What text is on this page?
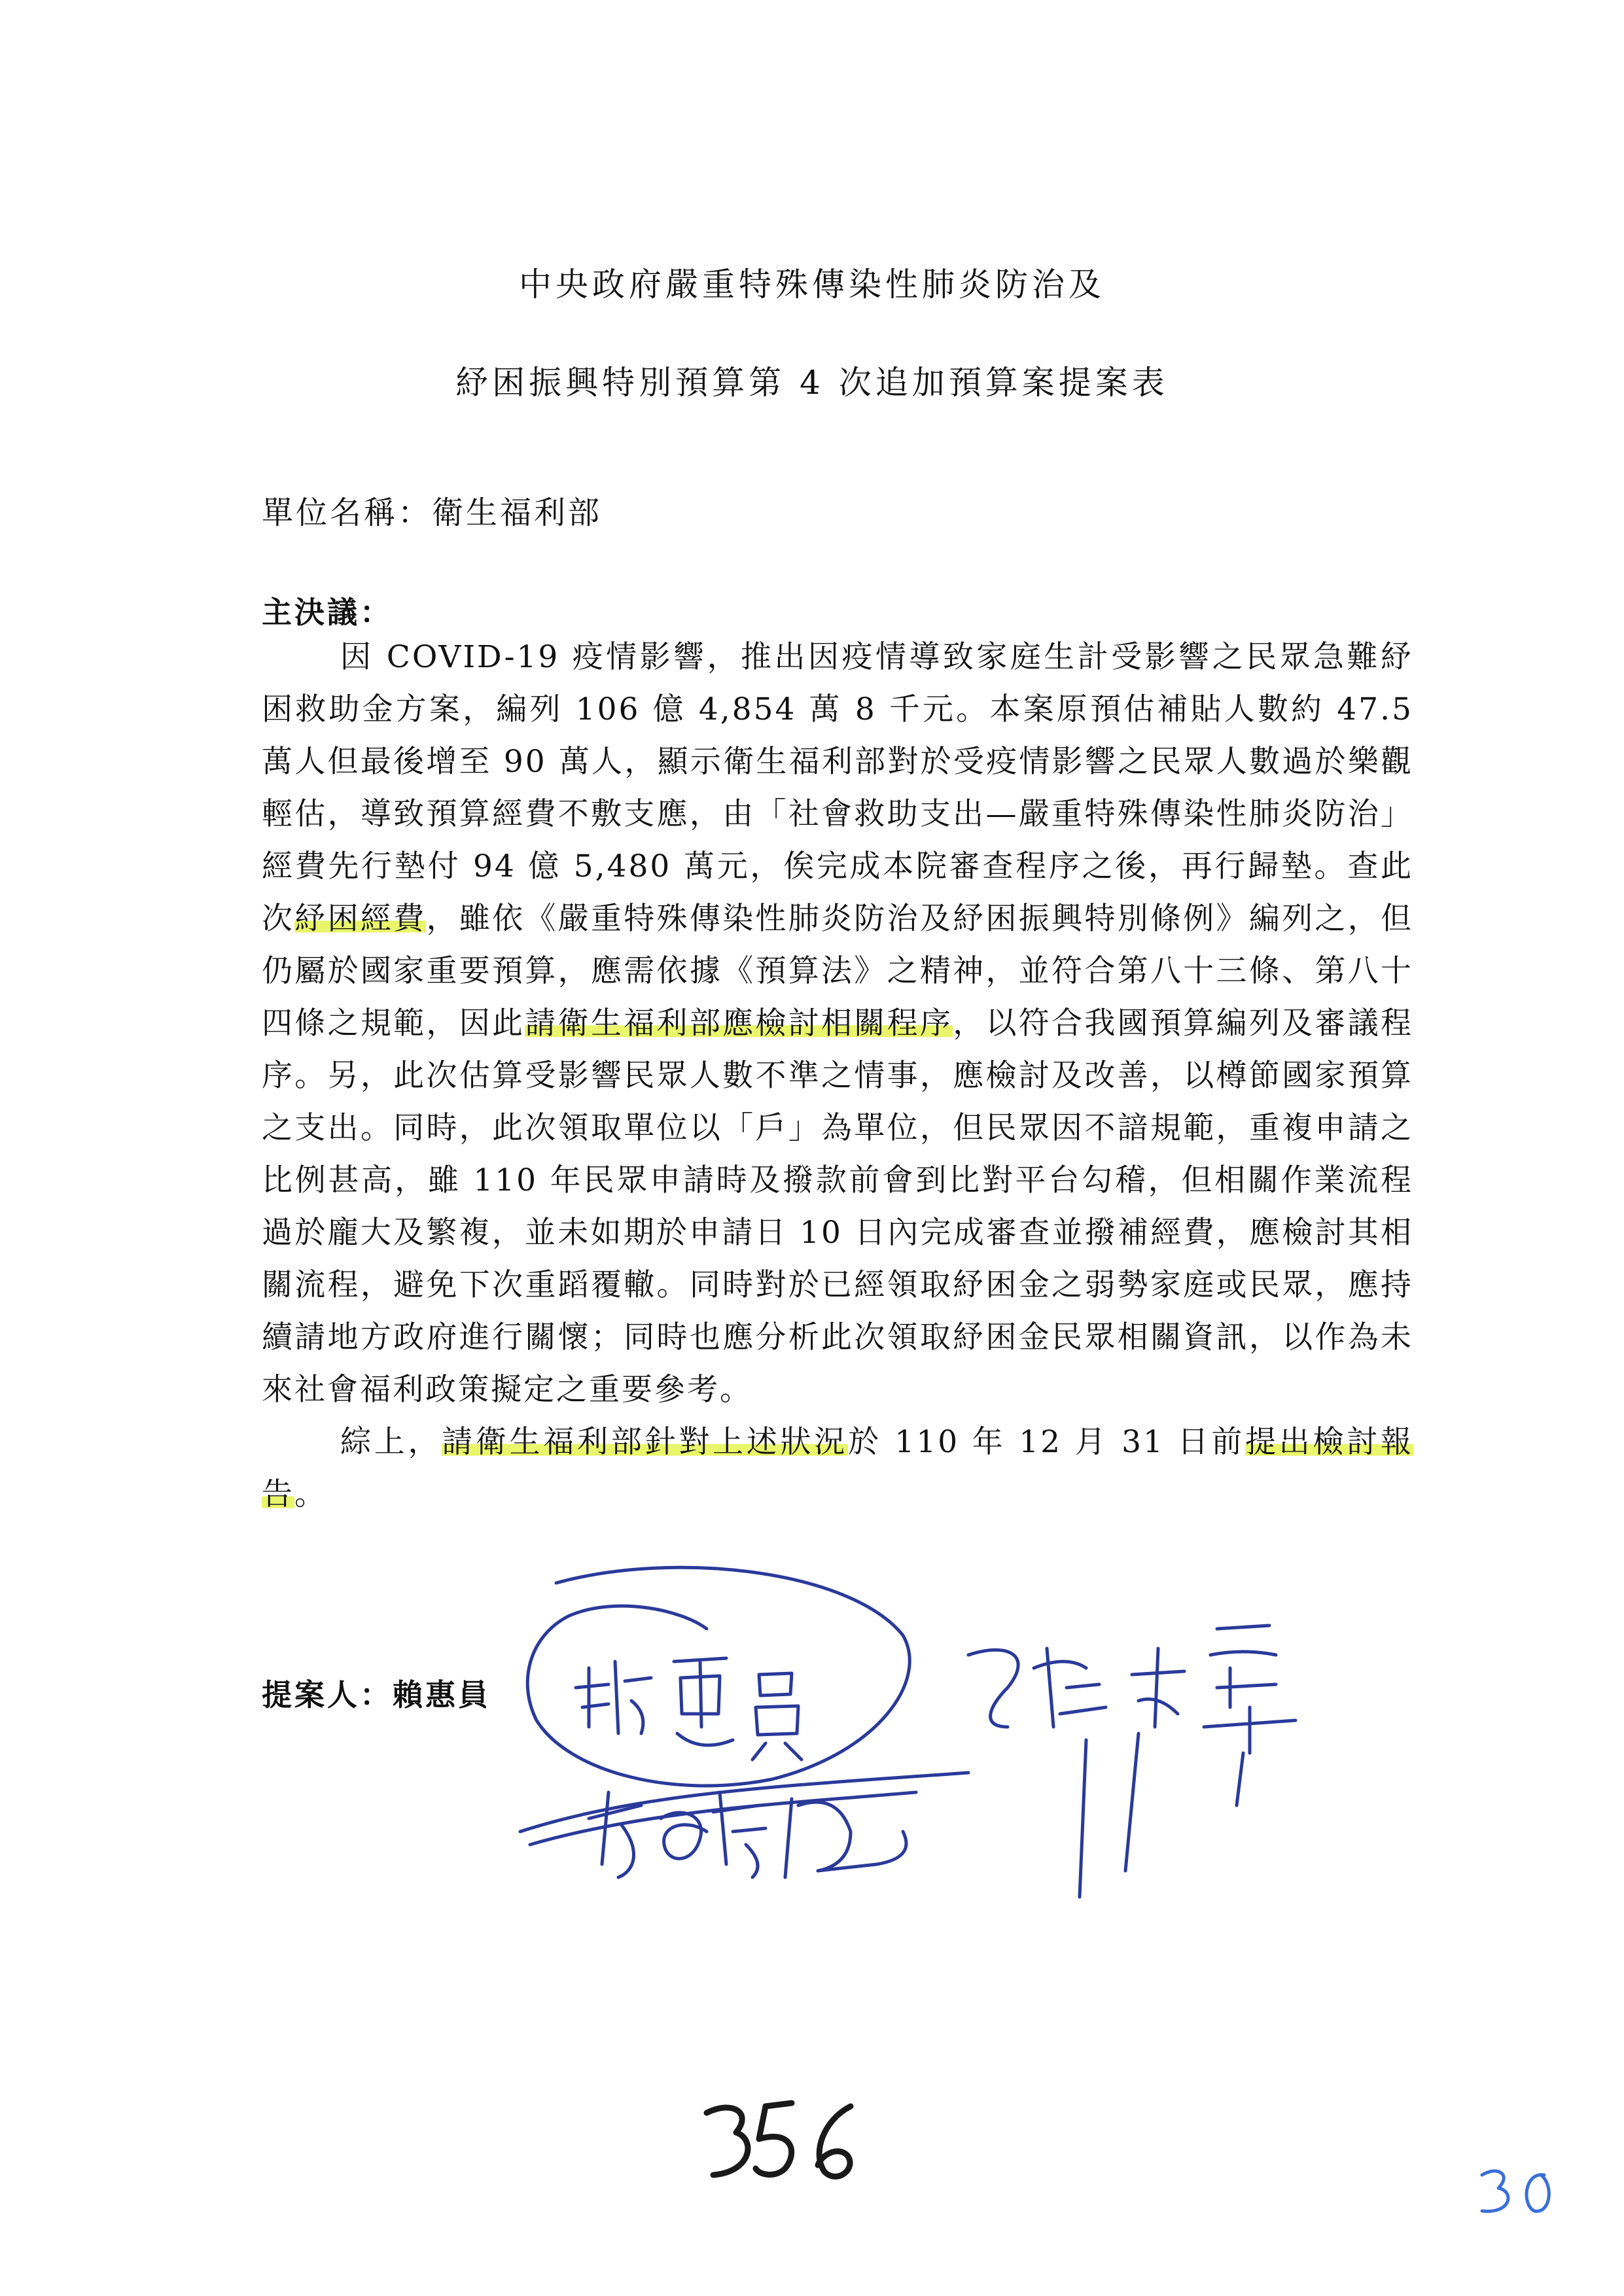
中央政府嚴重特殊傳染性肺炎防治及
紓困振興特別預算第 4 次追加預算案提案表
單位名稱：衛生福利部
主決議：

因 COVID-19 疫情影響，推出因疫情導致家庭生計受影響之民眾急難紓困救助金方案，編列 106 億 4,854 萬 8 千元。本案原預估補貼人數約 47.5 萬人但最後增至 90 萬人，顯示衛生福利部對於受疫情影響之民眾人數過於樂觀輕估，導致預算經費不敷支應，由「社會救助支出—嚴重特殊傳染性肺炎防治」經費先行墊付 94 億 5,480 萬元，俟完成本院審查程序之後，再行歸墊。查此次紓困經費，雖依《嚴重特殊傳染性肺炎防治及紓困振興特別條例》編列之，但仍屬於國家重要預算，應需依據《預算法》之精神，並符合第八十三條、第八十四條之規範，因此請衛生福利部應檢討相關程序，以符合我國預算編列及審議程序。另，此次估算受影響民眾人數不準之情事，應檢討及改善，以樽節國家預算之支出。同時，此次領取單位以「戶」為單位，但民眾因不諳規範，重複申請之比例甚高，雖 110 年民眾申請時及撥款前會到比對平台勾稽，但相關作業流程過於龐大及繁複，並未如期於申請日 10 日內完成審查並撥補經費，應檢討其相關流程，避免下次重蹈覆轍。同時對於已經領取紓困金之弱勢家庭或民眾，應持續請地方政府進行關懷；同時也應分析此次領取紓困金民眾相關資訊，以作為未來社會福利政策擬定之重要參考。

綜上，請衛生福利部針對上述狀況於 110 年 12 月 31 日前提出檢討報告。

提案人：賴惠員
